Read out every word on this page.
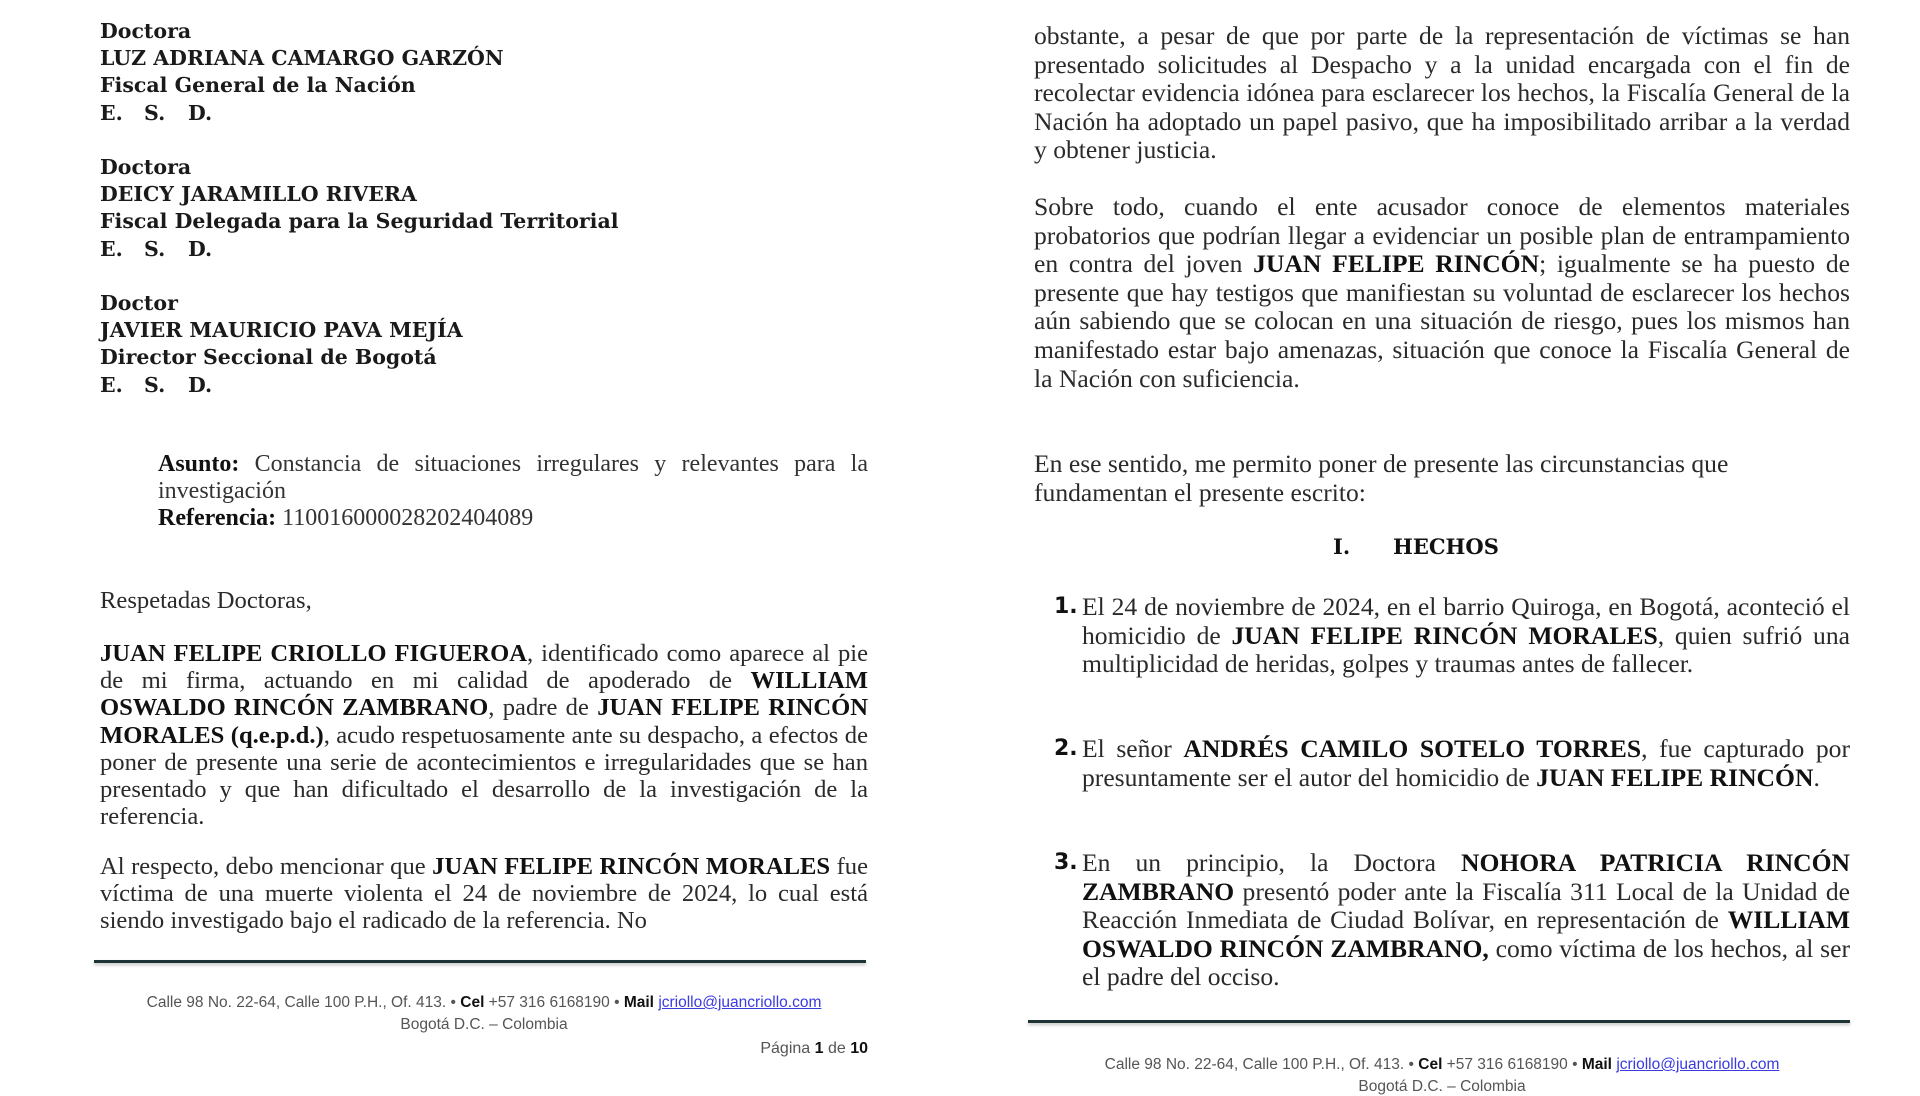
Doctora
LUZ ADRIANA CAMARGO GARZÓN
Fiscal General de la Nación
E. S. D.
Doctora
DEICY JARAMILLO RIVERA
Fiscal Delegada para la Seguridad Territorial
E. S. D.
Doctor
JAVIER MAURICIO PAVA MEJÍA
Director Seccional de Bogotá
E. S. D.

Asunto: Constancia de situaciones irregulares y relevantes para la investigación

Referencia: 11001600002820240408​9

Respetadas Doctoras,

JUAN FELIPE CRIOLLO FIGUEROA, identificado como aparece al pie de mi firma, actuando en mi calidad de apoderado de WILLIAM OSWALDO RINCÓN ZAMBRANO, padre de JUAN FELIPE RINCÓN MORALES (q.e.p.d.), acudo respetuosamente ante su despacho, a efectos de poner de presente una serie de acontecimientos e irregularidades que se han presentado y que han dificultado el desarrollo de la investigación de la referencia.

Al respecto, debo mencionar que JUAN FELIPE RINCÓN MORALES fue víctima de una muerte violenta el 24 de noviembre de 2024, lo cual está siendo investigado bajo el radicado de la referencia. No

Calle 98 No. 22-64, Calle 100 P.H., Of. 413. • Cel +57 316 6168190 • Mail jcriollo@juancriollo.com
Bogotá D.C. – Colombia
Página 1 de 10

obstante, a pesar de que por parte de la representación de víctimas se han presentado solicitudes al Despacho y a la unidad encargada con el fin de recolectar evidencia idónea para esclarecer los hechos, la Fiscalía General de la Nación ha adoptado un papel pasivo, que ha imposibilitado arribar a la verdad y obtener justicia.

Sobre todo, cuando el ente acusador conoce de elementos materiales probatorios que podrían llegar a evidenciar un posible plan de entrampamiento en contra del joven JUAN FELIPE RINCÓN; igualmente se ha puesto de presente que hay testigos que manifiestan su voluntad de esclarecer los hechos aún sabiendo que se colocan en una situación de riesgo, pues los mismos han manifestado estar bajo amenazas, situación que conoce la Fiscalía General de la Nación con suficiencia.

En ese sentido, me permito poner de presente las circunstancias que fundamentan el presente escrito:

I. HECHOS
1. El 24 de noviembre de 2024, en el barrio Quiroga, en Bogotá, aconteció el homicidio de JUAN FELIPE RINCÓN MORALES, quien sufrió una multiplicidad de heridas, golpes y traumas antes de fallecer.

2. El señor ANDRÉS CAMILO SOTELO TORRES, fue capturado por presuntamente ser el autor del homicidio de JUAN FELIPE RINCÓN.

3. En un principio, la Doctora NOHORA PATRICIA RINCÓN ZAMBRANO presentó poder ante la Fiscalía 311 Local de la Unidad de Reacción Inmediata de Ciudad Bolívar, en representación de WILLIAM OSWALDO RINCÓN ZAMBRANO, como víctima de los hechos, al ser el padre del occiso.

Calle 98 No. 22-64, Calle 100 P.H., Of. 413. • Cel +57 316 6168190 • Mail jcriollo@juancriollo.com
Bogotá D.C. – Colombia
